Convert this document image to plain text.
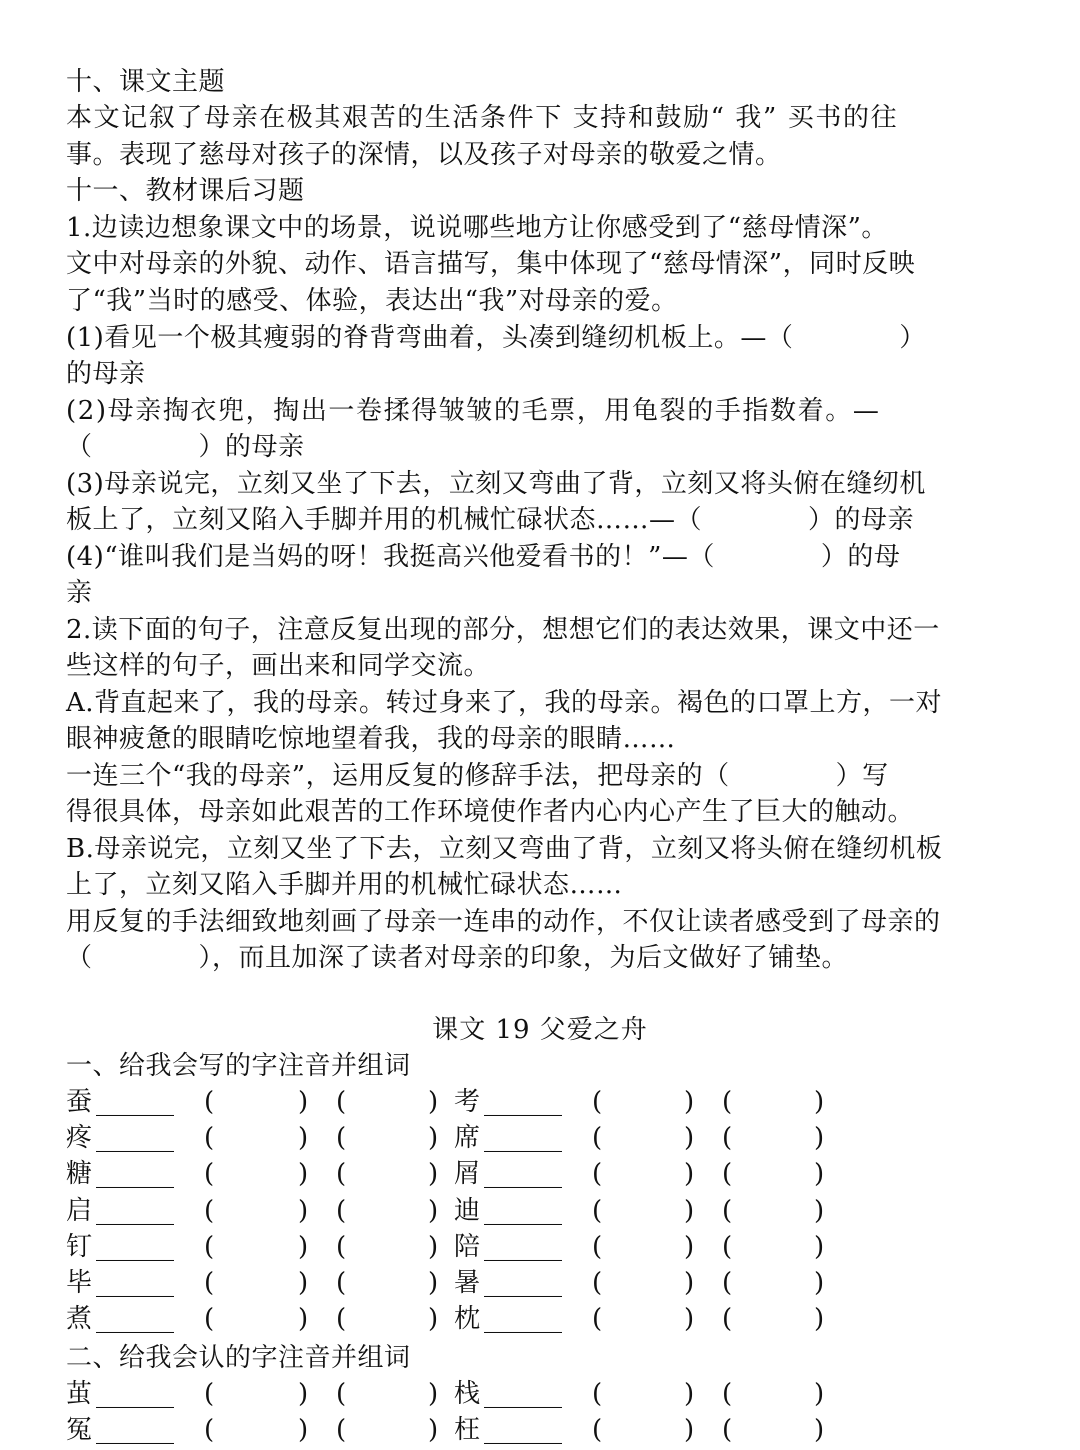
十、课文主题
本文记叙了母亲在极其艰苦的生活条件下 支持和鼓励“ 我” 买书的往
事。表现了慈母对孩子的深情，以及孩子对母亲的敬爱之情。
十一、教材课后习题
1.边读边想象课文中的场景，说说哪些地方让你感受到了“慈母情深”。
文中对母亲的外貌、动作、语言描写，集中体现了“慈母情深”，同时反映
了“我”当时的感受、体验，表达出“我”对母亲的爱。
(1)看见一个极其瘦弱的脊背弯曲着，头凑到缝纫机板上。—（　　　　）
的母亲
(2)母亲掏衣兜，掏出一卷揉得皱皱的毛票，用龟裂的手指数着。—
（　　　　）的母亲
(3)母亲说完，立刻又坐了下去，立刻又弯曲了背，立刻又将头俯在缝纫机
板上了，立刻又陷入手脚并用的机械忙碌状态……—（　　　　）的母亲
(4)“谁叫我们是当妈的呀！我挺高兴他爱看书的！”—（　　　　）的母
亲
2.读下面的句子，注意反复出现的部分，想想它们的表达效果，课文中还一
些这样的句子，画出来和同学交流。
A.背直起来了，我的母亲。转过身来了，我的母亲。褐色的口罩上方，一对
眼神疲惫的眼睛吃惊地望着我，我的母亲的眼睛……
一连三个“我的母亲”，运用反复的修辞手法，把母亲的（　　　　）写
得很具体，母亲如此艰苦的工作环境使作者内心内心产生了巨大的触动。
B.母亲说完，立刻又坐了下去，立刻又弯曲了背，立刻又将头俯在缝纫机板
上了，立刻又陷入手脚并用的机械忙碌状态……
用反复的手法细致地刻画了母亲一连串的动作，不仅让读者感受到了母亲的
（　　　　），而且加深了读者对母亲的印象，为后文做好了铺垫。
课文 19 父爱之舟
一、给我会写的字注音并组词
蚕 ______ (	) (	) 考 ______ (	) (	)
疼 ______ (	) (	) 席 ______ (	) (	)
糖 ______ (	) (	) 屑 ______ (	) (	)
启 ______ (	) (	) 迪 ______ (	) (	)
钉 ______ (	) (	) 陪 ______ (	) (	)
毕 ______ (	) (	) 暑 ______ (	) (	)
煮 ______ (	) (	) 枕 ______ (	) (	)
二、给我会认的字注音并组词
茧 ______ (	) (	) 栈 ______ (	) (	)
冤 ______ (	) (	) 枉 ______ (	) (	)
